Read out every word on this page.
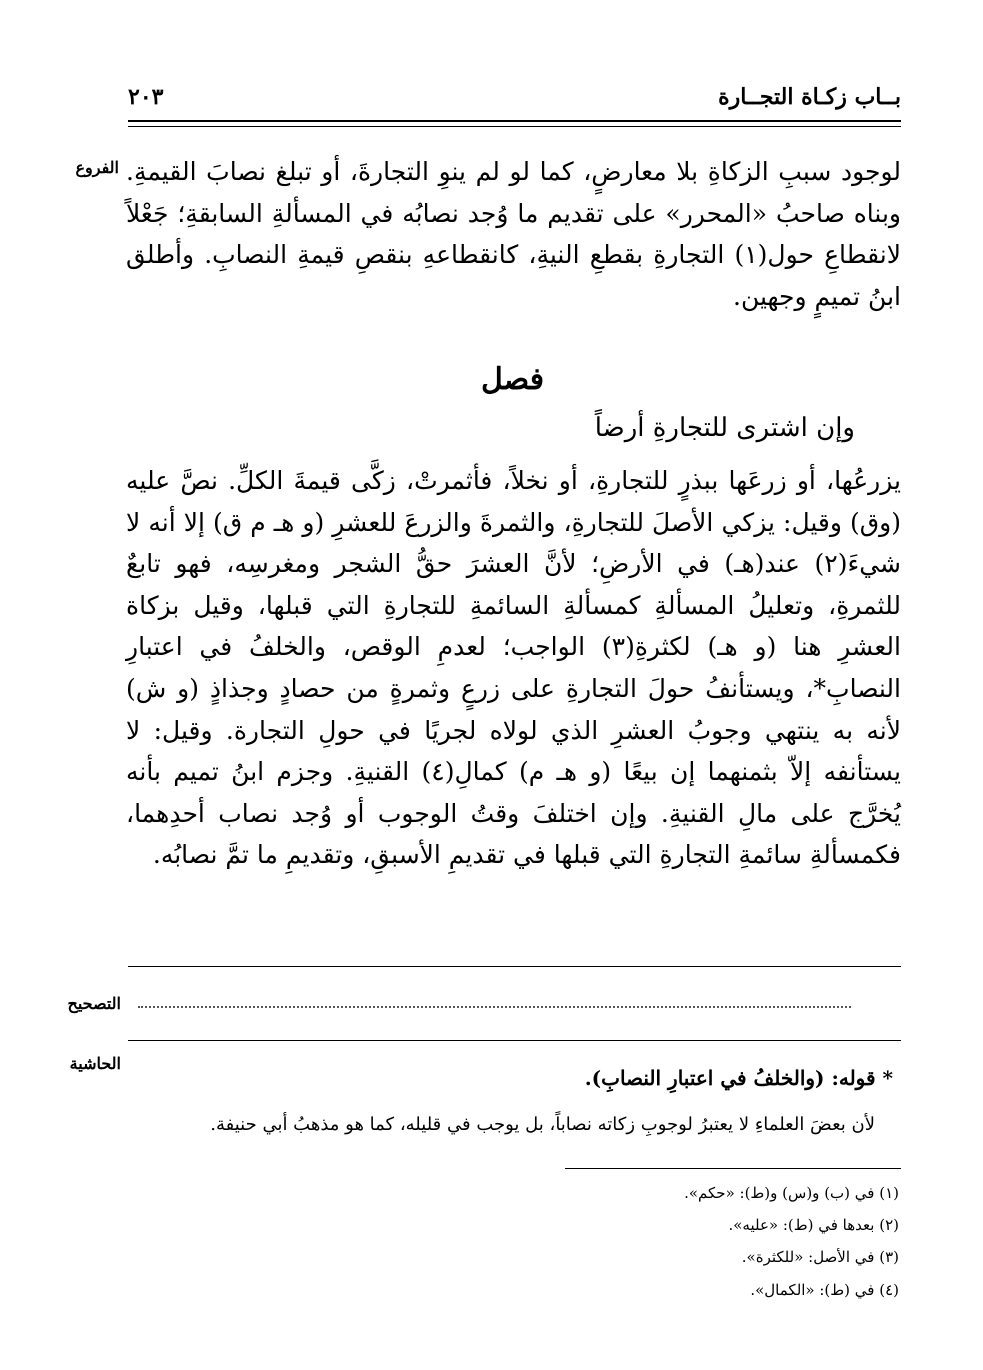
٢٠٣	بــاب زكـاة التجــارة
الفروع
التصحيح
الحاشية
لوجود سببِ الزكاةِ بلا معارضٍ، كما لو لم ينوِ التجارةَ، أو تبلغ نصابَ القيمةِ. وبناه صاحبُ «المحرر» على تقديم ما وُجد نصابُه في المسألةِ السابقةِ؛ جَعْلاً لانقطاعِ حول(١) التجارةِ بقطعِ النيةِ، كانقطاعهِ بنقصِ قيمةِ النصابِ. وأطلق ابنُ تميمٍ وجهين.
فصل
وإن اشترى للتجارةِ أرضاً
يزرعُها، أو زرعَها ببذرٍ للتجارةِ، أو نخلاً، فأثمرتْ، زكَّى قيمةَ الكلِّ. نصَّ عليه (وق) وقيل: يزكي الأصلَ للتجارةِ، والثمرةَ والزرعَ للعشرِ (و هـ م ق) إلا أنه لا شيءَ(٢) عند(هـ) في الأرضِ؛ لأنَّ العشرَ حقُّ الشجر ومغرسِه، فهو تابعٌ للثمرةِ، وتعليلُ المسألةِ كمسألةِ السائمةِ للتجارةِ التي قبلها، وقيل بزكاة العشرِ هنا (و هـ) لكثرةِ(٣) الواجب؛ لعدمِ الوقص، والخلفُ في اعتبارِ النصابِ*، ويستأنفُ حولَ التجارةِ على زرعٍ وثمرةٍ من حصادٍ وجذاذٍ (و ش) لأنه به ينتهي وجوبُ العشرِ الذي لولاه لجريًا في حولِ التجارة. وقيل: لا يستأنفه إلاّ بثمنهما إن بيعًا (و هـ م) كمالِ(٤) القنيةِ. وجزم ابنُ تميم بأنه يُخرَّج على مالِ القنيةِ. وإن اختلفَ وقتُ الوجوب أو وُجد نصاب أحدِهما، فكمسألةِ سائمةِ التجارةِ التي قبلها في تقديمِ الأسبقِ، وتقديمِ ما تمَّ نصابُه.
* قوله: (والخلفُ في اعتبارِ النصابِ).
لأن بعضَ العلماءِ لا يعتبرُ لوجوبِ زكاته نصاباً، بل يوجب في قليله، كما هو مذهبُ أبي حنيفة.
(١) في (ب) و(س) و(ط): «حكم».
(٢) بعدها في (ط): «عليه».
(٣) في الأصل: «للكثرة».
(٤) في (ط): «الكمال».
